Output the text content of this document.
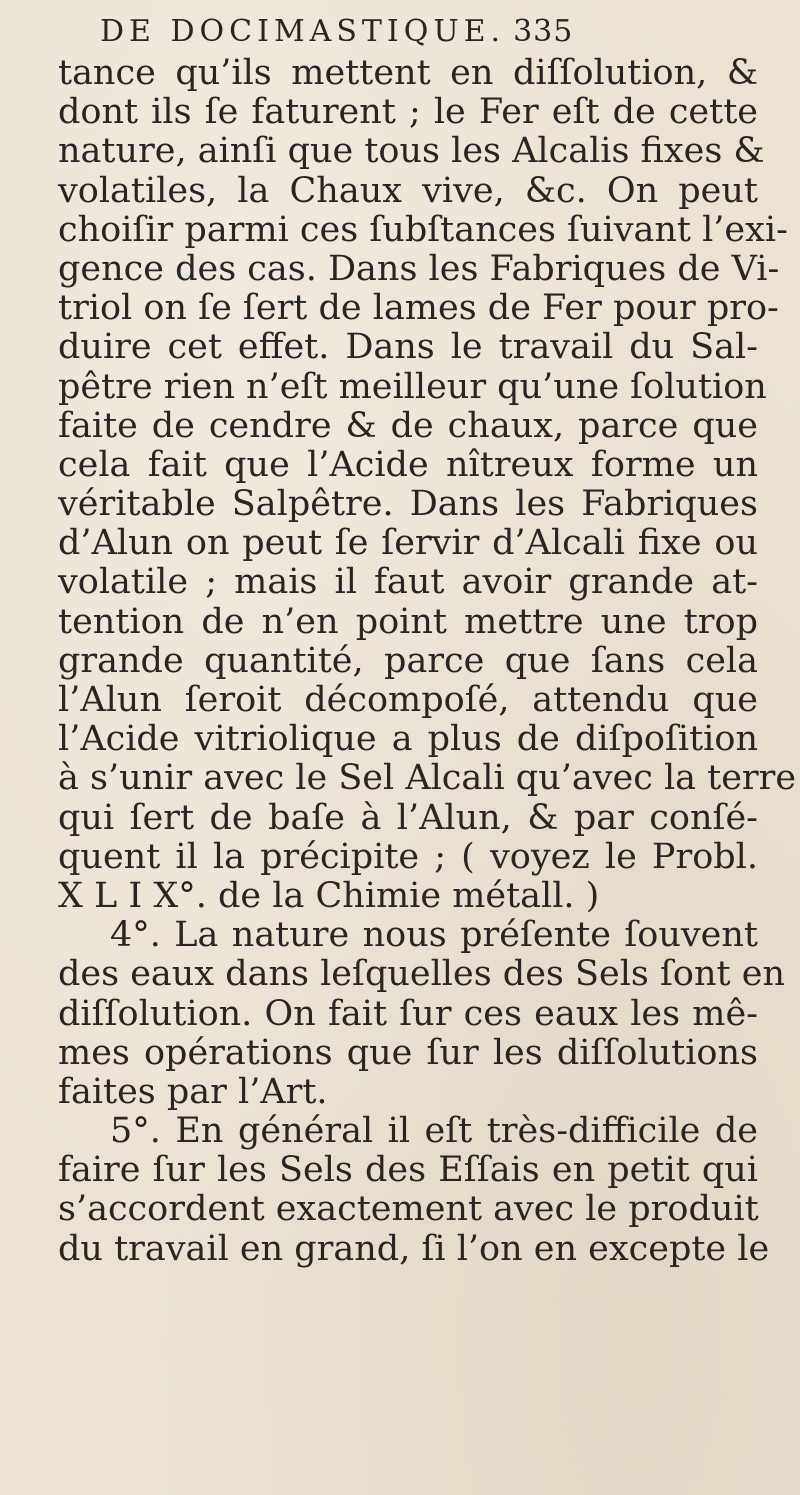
DE DOCIMASTIQUE. 335
tance qu’ils mettent en diſſolution, &
dont ils ſe faturent ; le Fer eſt de cette
nature, ainſi que tous les Alcalis fixes &
volatiles, la Chaux vive, &c. On peut
choiſir parmi ces ſubſtances ſuivant l’exi-
gence des cas. Dans les Fabriques de Vi-
triol on ſe ſert de lames de Fer pour pro-
duire cet effet. Dans le travail du Sal-
pêtre rien n’eſt meilleur qu’une ſolution
faite de cendre & de chaux, parce que
cela fait que l’Acide nîtreux forme un
véritable Salpêtre. Dans les Fabriques
d’Alun on peut ſe ſervir d’Alcali fixe ou
volatile ; mais il faut avoir grande at-
tention de n’en point mettre une trop
grande quantité, parce que ſans cela
l’Alun ſeroit décompoſé, attendu que
l’Acide vitriolique a plus de diſpoſition
à s’unir avec le Sel Alcali qu’avec la terre
qui ſert de baſe à l’Alun, & par conſé-
quent il la précipite ; ( voyez le Probl.
X L I X°. de la Chimie métall. )
4°. La nature nous préſente ſouvent
des eaux dans leſquelles des Sels ſont en
diſſolution. On fait ſur ces eaux les mê-
mes opérations que ſur les diſſolutions
faites par l’Art.
5°. En général il eſt très-difficile de
faire ſur les Sels des Eſſais en petit qui
s’accordent exactement avec le produit
du travail en grand, ſi l’on en excepte le
